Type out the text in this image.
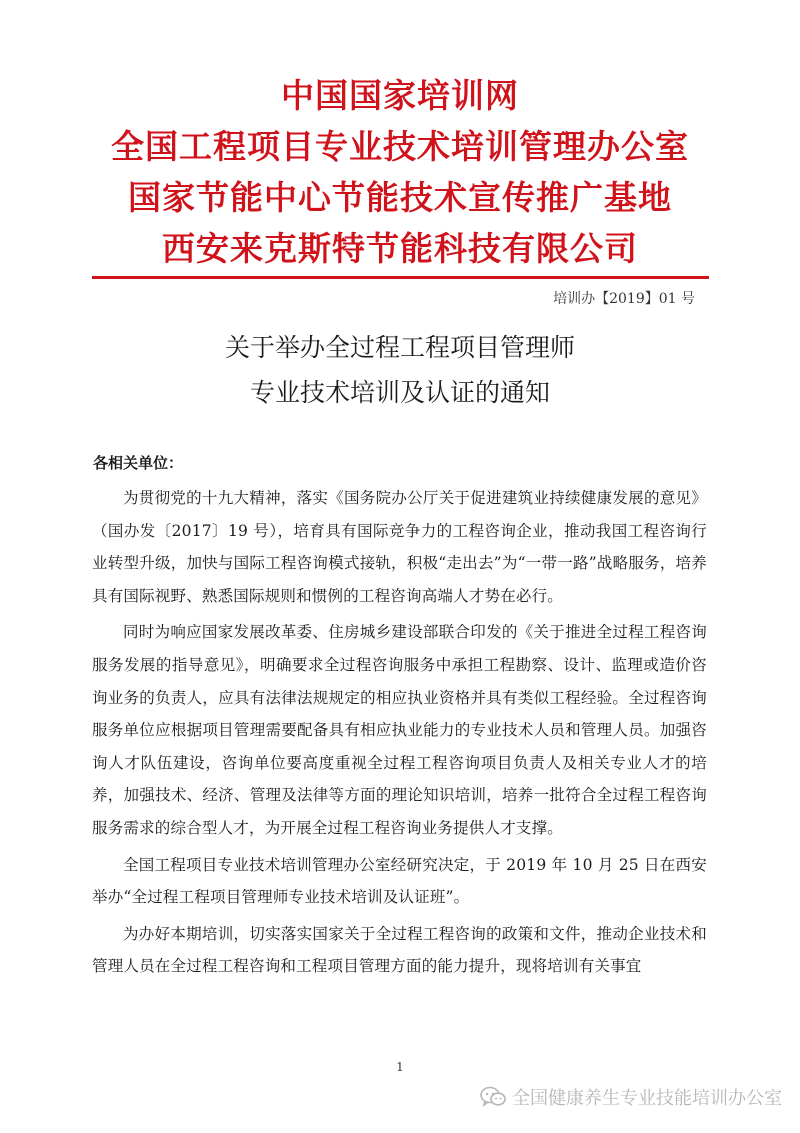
中国国家培训网
全国工程项目专业技术培训管理办公室
国家节能中心节能技术宣传推广基地
西安来克斯特节能科技有限公司
培训办【2019】01 号
关于举办全过程工程项目管理师
专业技术培训及认证的通知
各相关单位：

为贯彻党的十九大精神，落实《国务院办公厅关于促进建筑业持续健康发展的意见》（国办发〔2017〕19 号），培育具有国际竞争力的工程咨询企业，推动我国工程咨询行业转型升级，加快与国际工程咨询模式接轨，积极“走出去”为“一带一路”战略服务，培养具有国际视野、熟悉国际规则和惯例的工程咨询高端人才势在必行。

同时为响应国家发展改革委、住房城乡建设部联合印发的《关于推进全过程工程咨询服务发展的指导意见》，明确要求全过程咨询服务中承担工程勘察、设计、监理或造价咨询业务的负责人，应具有法律法规规定的相应执业资格并具有类似工程经验。全过程咨询服务单位应根据项目管理需要配备具有相应执业能力的专业技术人员和管理人员。加强咨询人才队伍建设，咨询单位要高度重视全过程工程咨询项目负责人及相关专业人才的培养，加强技术、经济、管理及法律等方面的理论知识培训，培养一批符合全过程工程咨询服务需求的综合型人才，为开展全过程工程咨询业务提供人才支撑。

全国工程项目专业技术培训管理办公室经研究决定，于 2019 年 10 月 25 日在西安举办“全过程工程项目管理师专业技术培训及认证班”。

为办好本期培训，切实落实国家关于全过程工程咨询的政策和文件，推动企业技术和管理人员在全过程工程咨询和工程项目管理方面的能力提升，现将培训有关事宜

1
全国健康养生专业技能培训办公室
